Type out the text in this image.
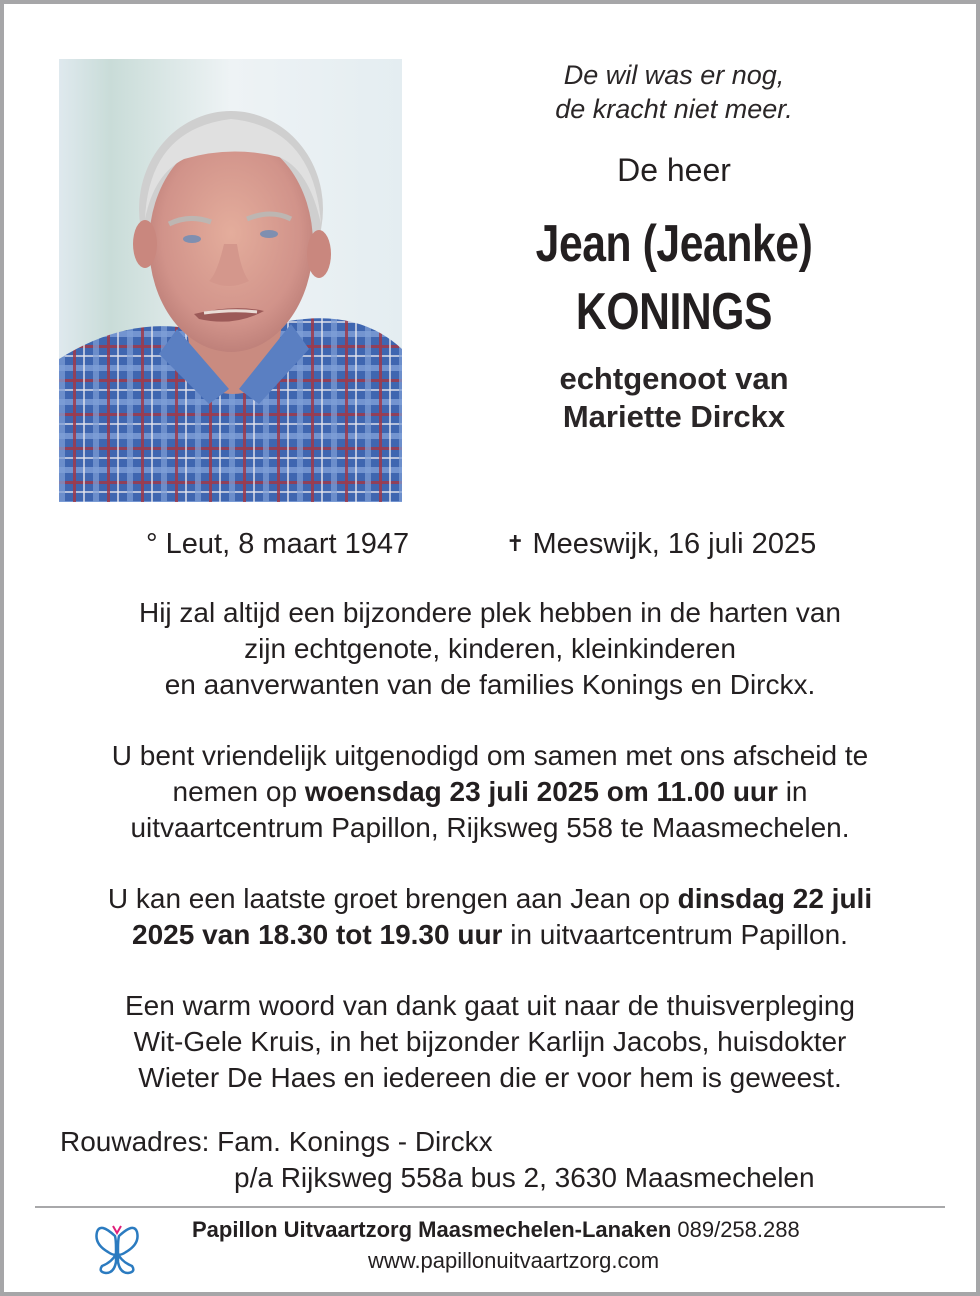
De wil was er nog,
de kracht niet meer.
De heer
Jean (Jeanke)
KONINGS
echtgenoot van
Mariette Dirckx
° Leut, 8 maart 1947	✝ Meeswijk, 16 juli 2025
Hij zal altijd een bijzondere plek hebben in de harten van
zijn echtgenote, kinderen, kleinkinderen
en aanverwanten van de families Konings en Dirckx.
U bent vriendelijk uitgenodigd om samen met ons afscheid te
nemen op woensdag 23 juli 2025 om 11.00 uur in
uitvaartcentrum Papillon, Rijksweg 558 te Maasmechelen.
U kan een laatste groet brengen aan Jean op dinsdag 22 juli
2025 van 18.30 tot 19.30 uur in uitvaartcentrum Papillon.
Een warm woord van dank gaat uit naar de thuisverpleging
Wit-Gele Kruis, in het bijzonder Karlijn Jacobs, huisdokter
Wieter De Haes en iedereen die er voor hem is geweest.
Rouwadres: Fam. Konings - Dirckx
p/a Rijksweg 558a bus 2, 3630 Maasmechelen
Papillon Uitvaartzorg Maasmechelen-Lanaken 089/258.288
www.papillonuitvaartzorg.com
